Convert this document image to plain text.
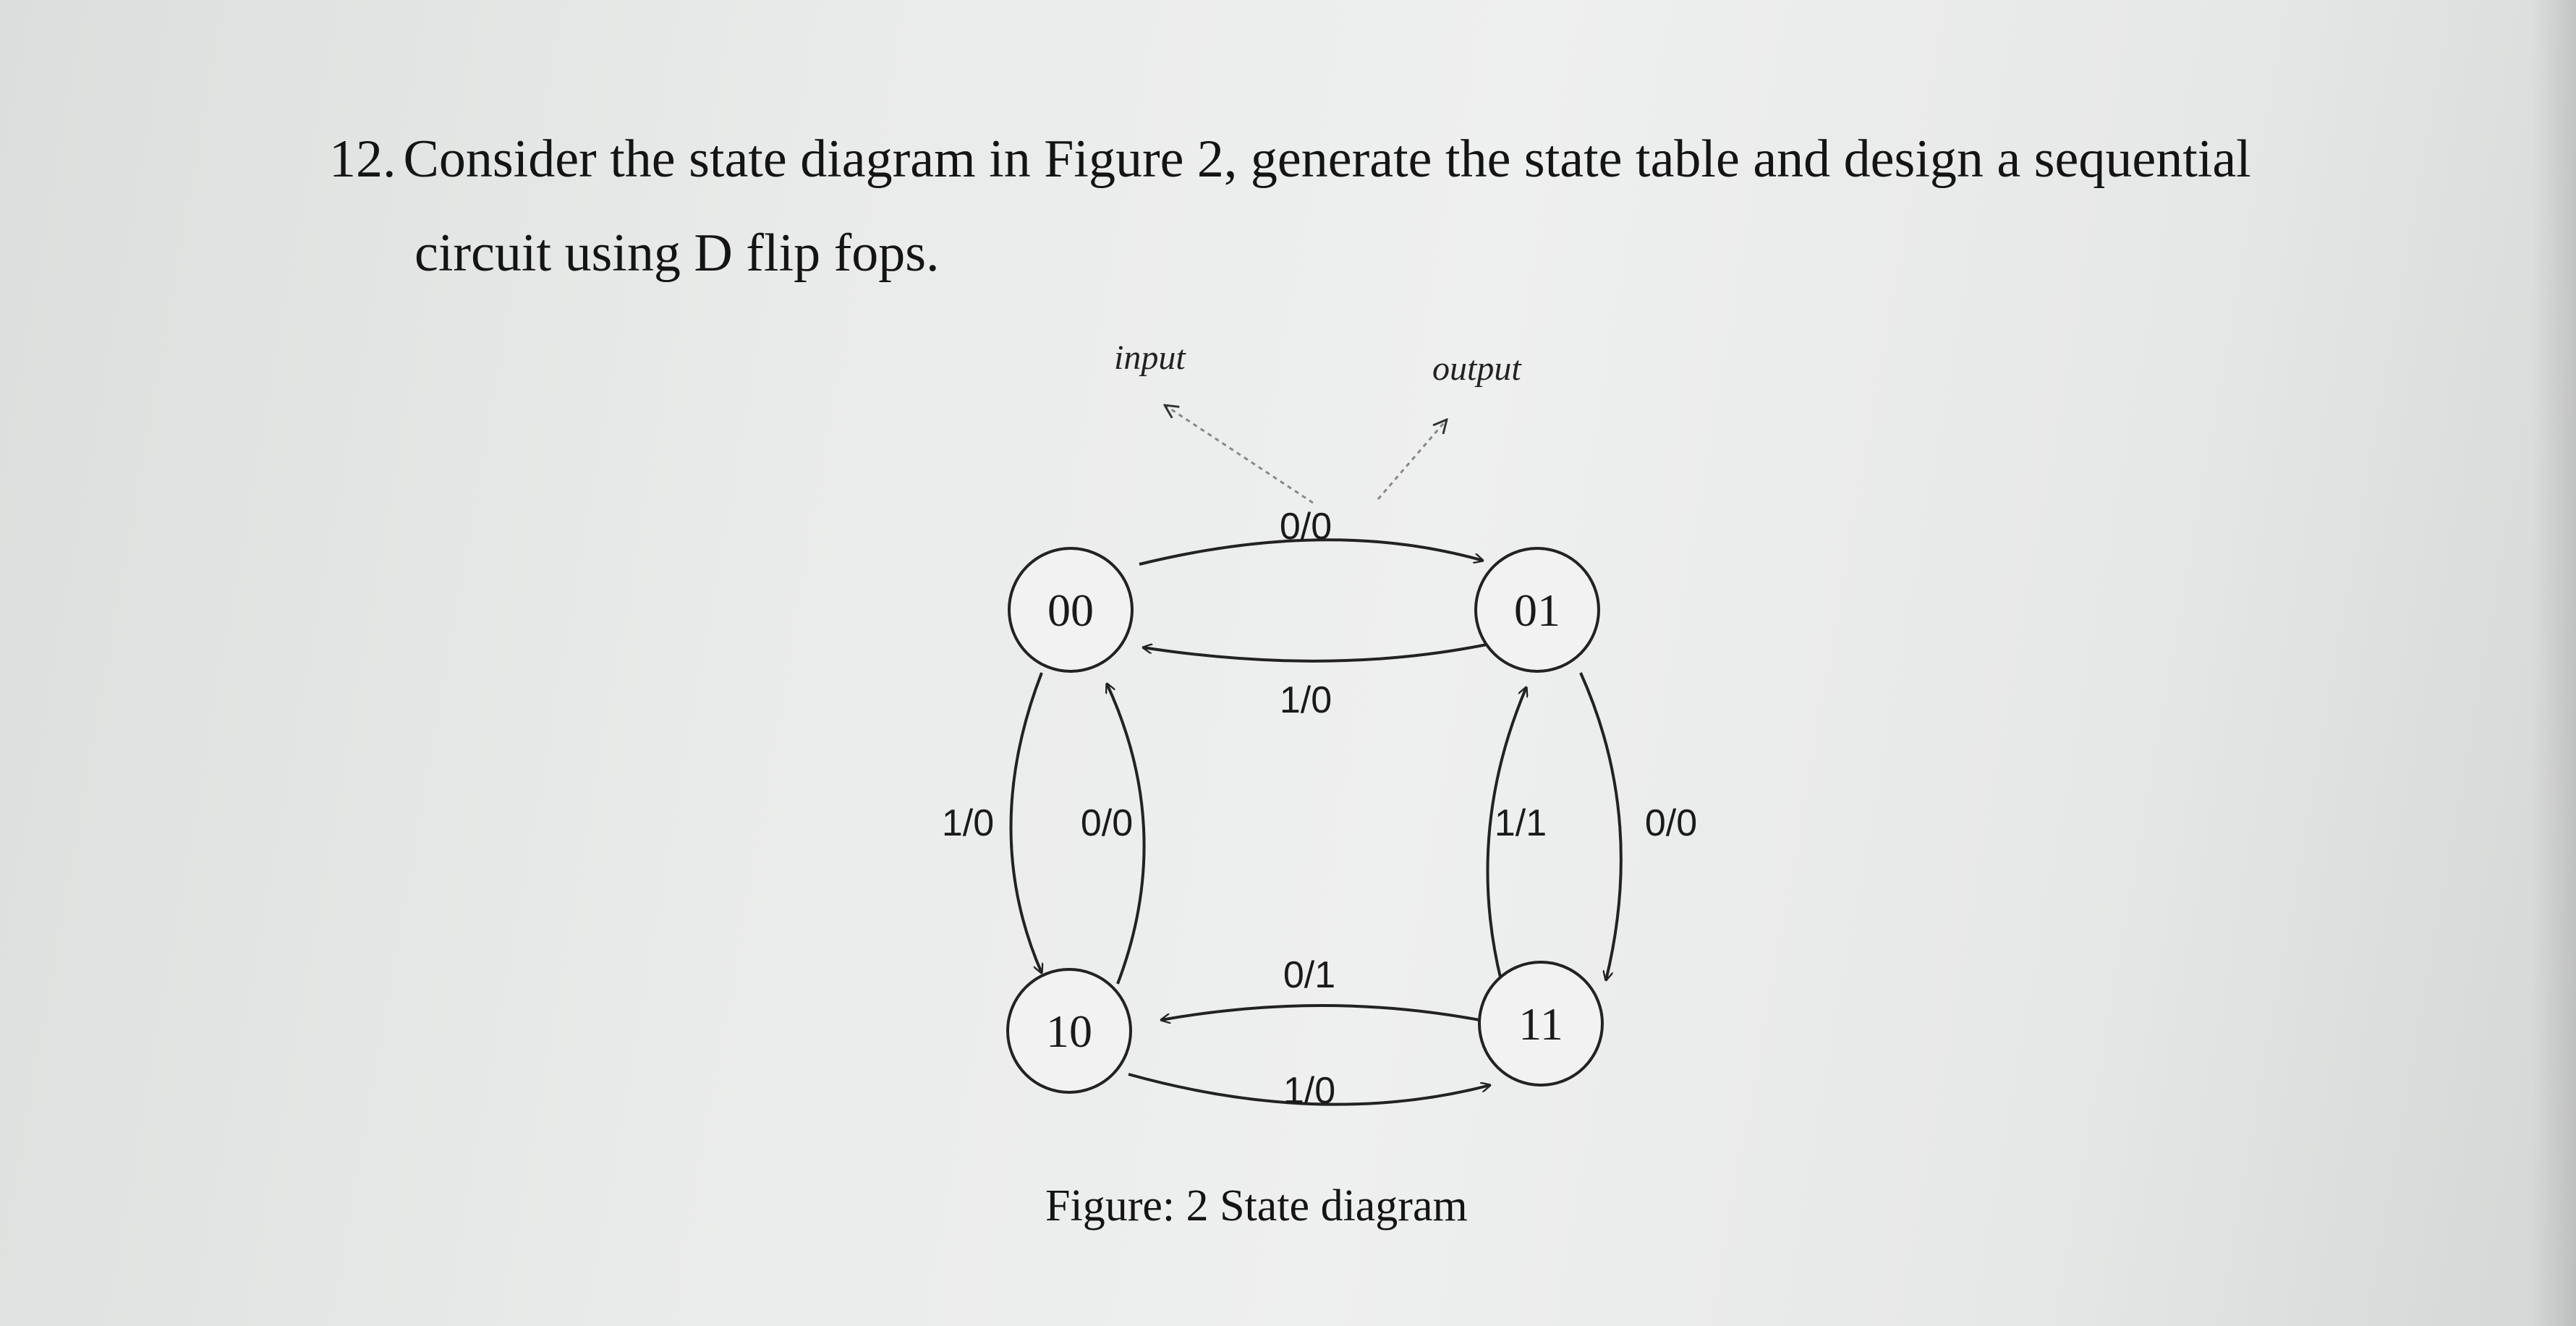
12. Consider the state diagram in Figure 2, generate the state table and design a sequential
circuit using D flip fops.

input	output
0/0
1/0
1/0 0/0	1/1	0/0
0/1
1/0
00	01
10	11

Figure: 2 State diagram
